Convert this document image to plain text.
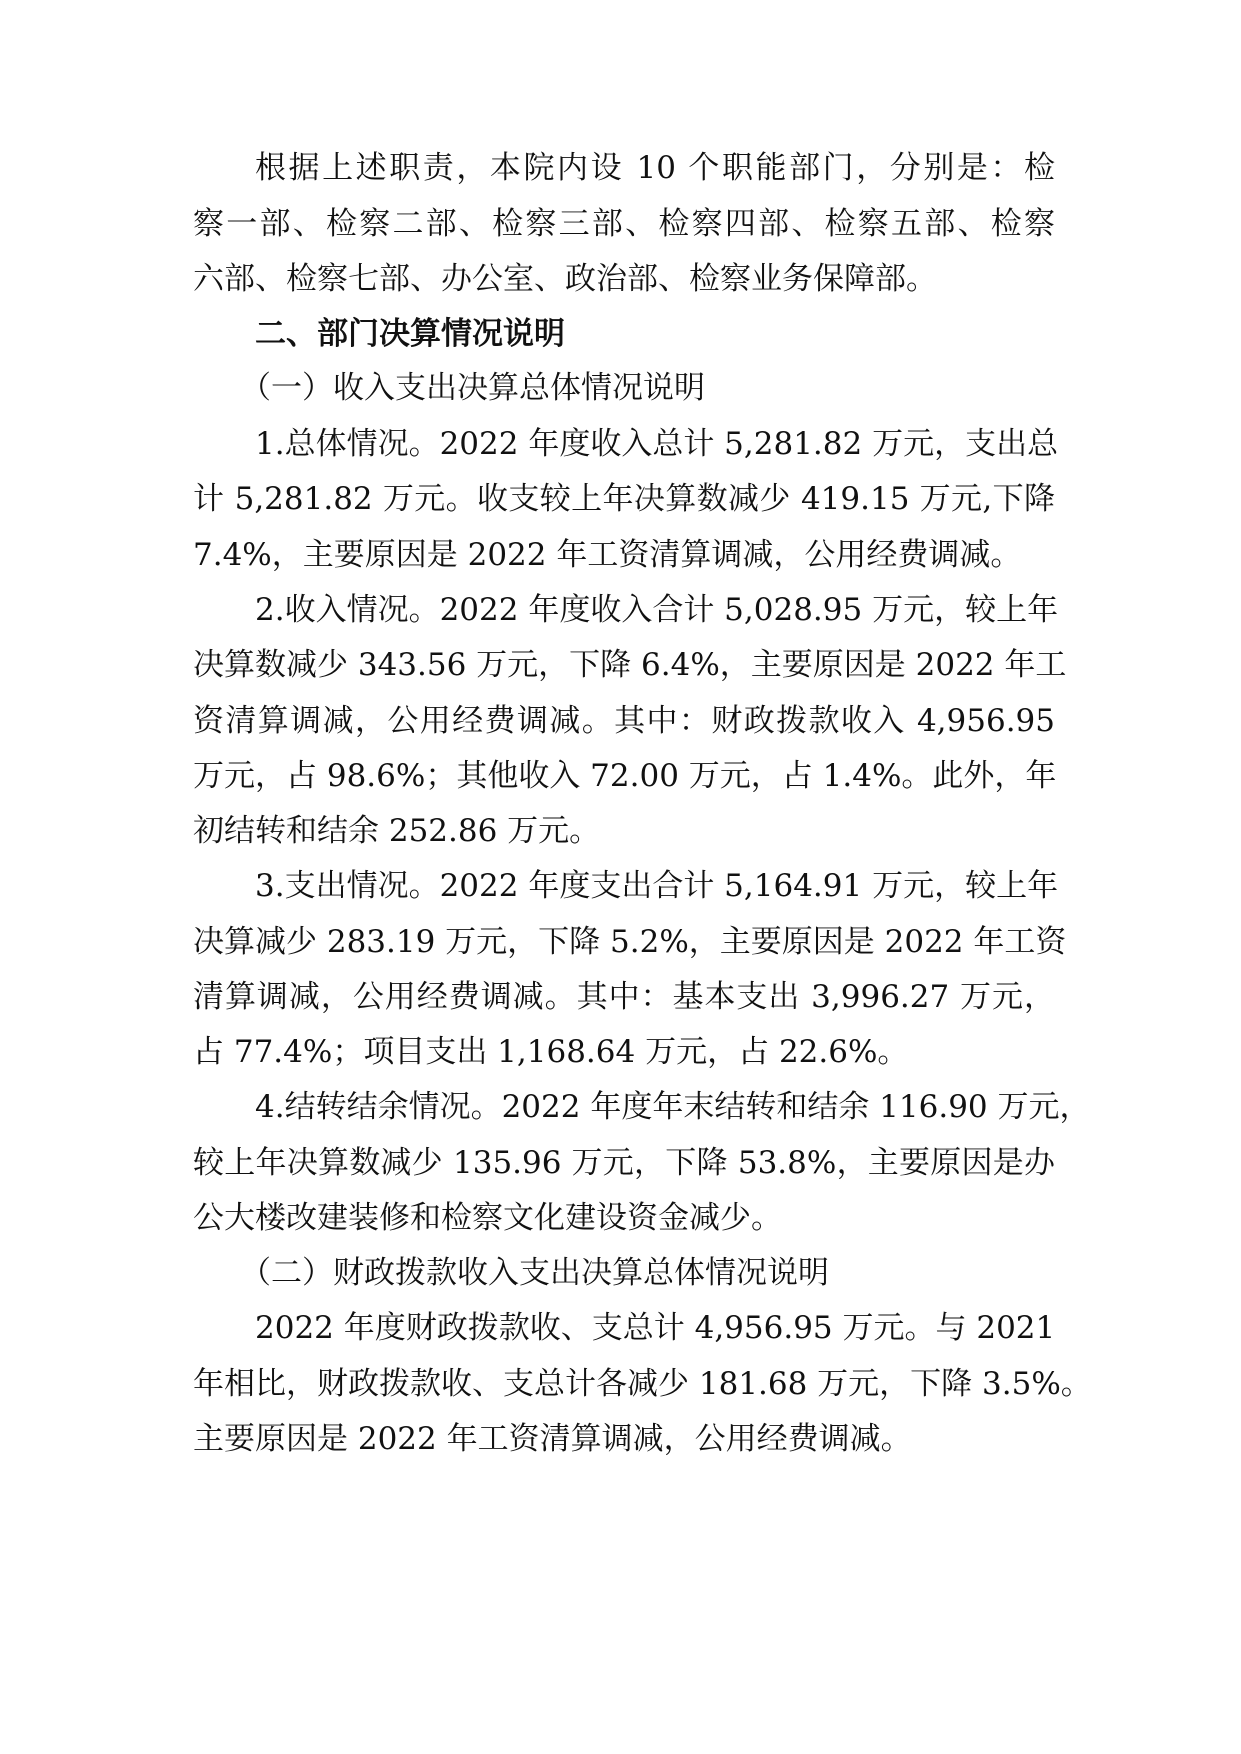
根据上述职责，本院内设 10 个职能部门，分别是：检
察一部、检察二部、检察三部、检察四部、检察五部、检察
六部、检察七部、办公室、政治部、检察业务保障部。
二、部门决算情况说明
（一）收入支出决算总体情况说明
1.总体情况。2022 年度收入总计 5,281.82 万元，支出总
计 5,281.82 万元。收支较上年决算数减少 419.15 万元,下降
7.4%，主要原因是 2022 年工资清算调减，公用经费调减。
2.收入情况。2022 年度收入合计 5,028.95 万元，较上年
决算数减少 343.56 万元，下降 6.4%，主要原因是 2022 年工
资清算调减，公用经费调减。其中：财政拨款收入 4,956.95
万元，占 98.6%；其他收入 72.00 万元，占 1.4%。此外，年
初结转和结余 252.86 万元。
3.支出情况。2022 年度支出合计 5,164.91 万元，较上年
决算减少 283.19 万元，下降 5.2%，主要原因是 2022 年工资
清算调减，公用经费调减。其中：基本支出 3,996.27 万元，
占 77.4%；项目支出 1,168.64 万元，占 22.6%。
4.结转结余情况。2022 年度年末结转和结余 116.90 万元，
较上年决算数减少 135.96 万元，下降 53.8%，主要原因是办
公大楼改建装修和检察文化建设资金减少。
（二）财政拨款收入支出决算总体情况说明
2022 年度财政拨款收、支总计 4,956.95 万元。与 2021
年相比，财政拨款收、支总计各减少 181.68 万元，下降 3.5%。
主要原因是 2022 年工资清算调减，公用经费调减。
